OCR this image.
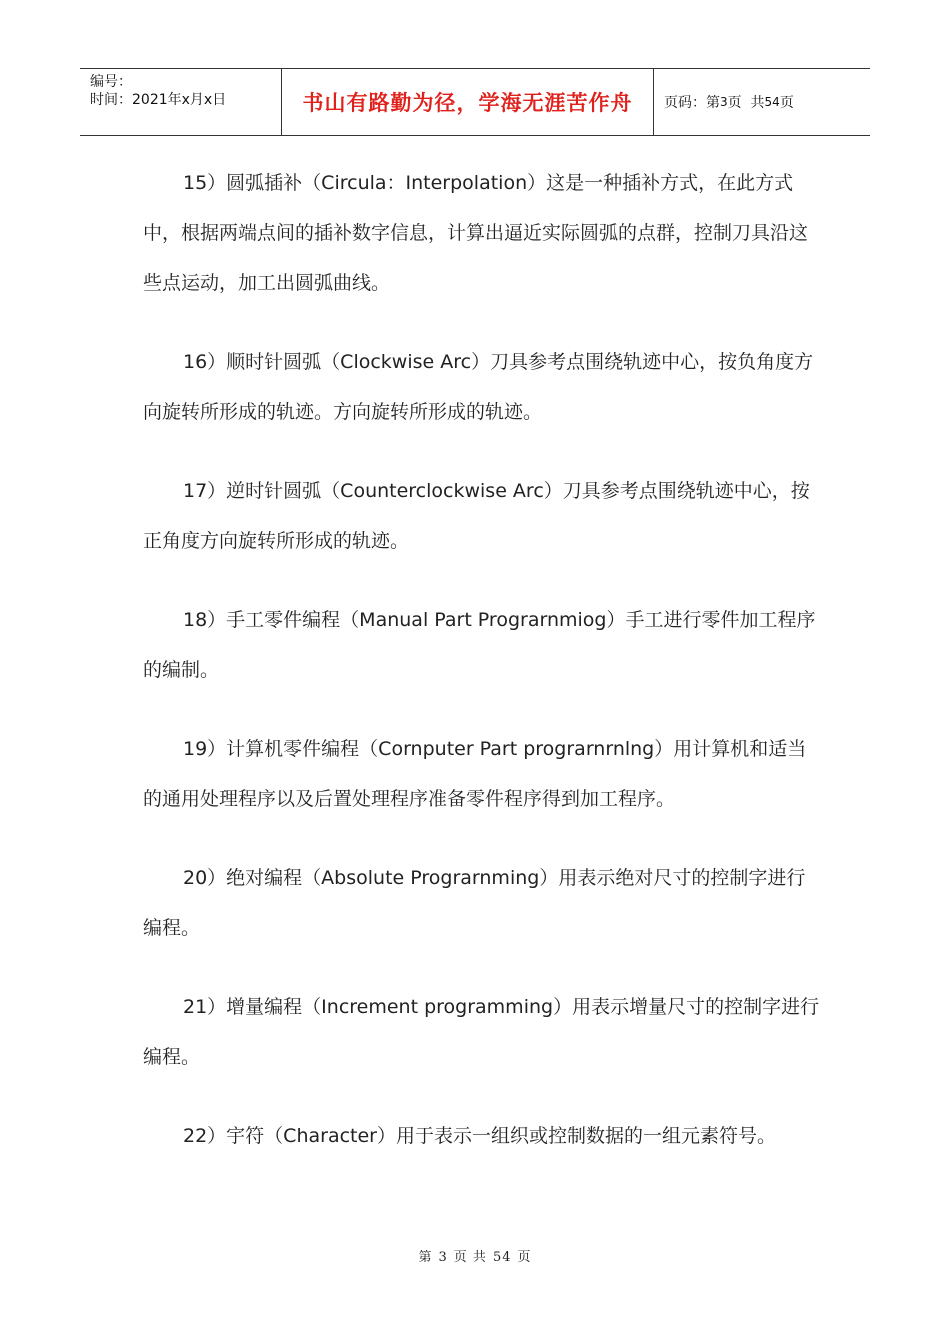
编号：
时间：2021年x月x日	书山有路勤为径，学海无涯苦作舟	页码：第 3 页  共 54 页

15）圆弧插补（Circula：Interpolation）这是一种插补方式，在此方式中，根据两端点间的插补数字信息，计算出逼近实际圆弧的点群，控制刀具沿这些点运动，加工出圆弧曲线。

16）顺时针圆弧（Clockwise Arc）刀具参考点围绕轨迹中心，按负角度方向旋转所形成的轨迹。方向旋转所形成的轨迹。

17）逆时针圆弧（Counterclockwise Arc）刀具参考点围绕轨迹中心，按正角度方向旋转所形成的轨迹。

18）手工零件编程（Manual Part Prograrnmiog）手工进行零件加工程序的编制。

19）计算机零件编程（Cornputer Part prograrnrnlng）用计算机和适当的通用处理程序以及后置处理程序准备零件程序得到加工程序。

20）绝对编程（Absolute Prograrnming）用表示绝对尺寸的控制字进行编程。

21）增量编程（Increment programming）用表示增量尺寸的控制字进行编程。

22）宇符（Character）用于表示一组织或控制数据的一组元素符号。

第 3 页 共 54 页
